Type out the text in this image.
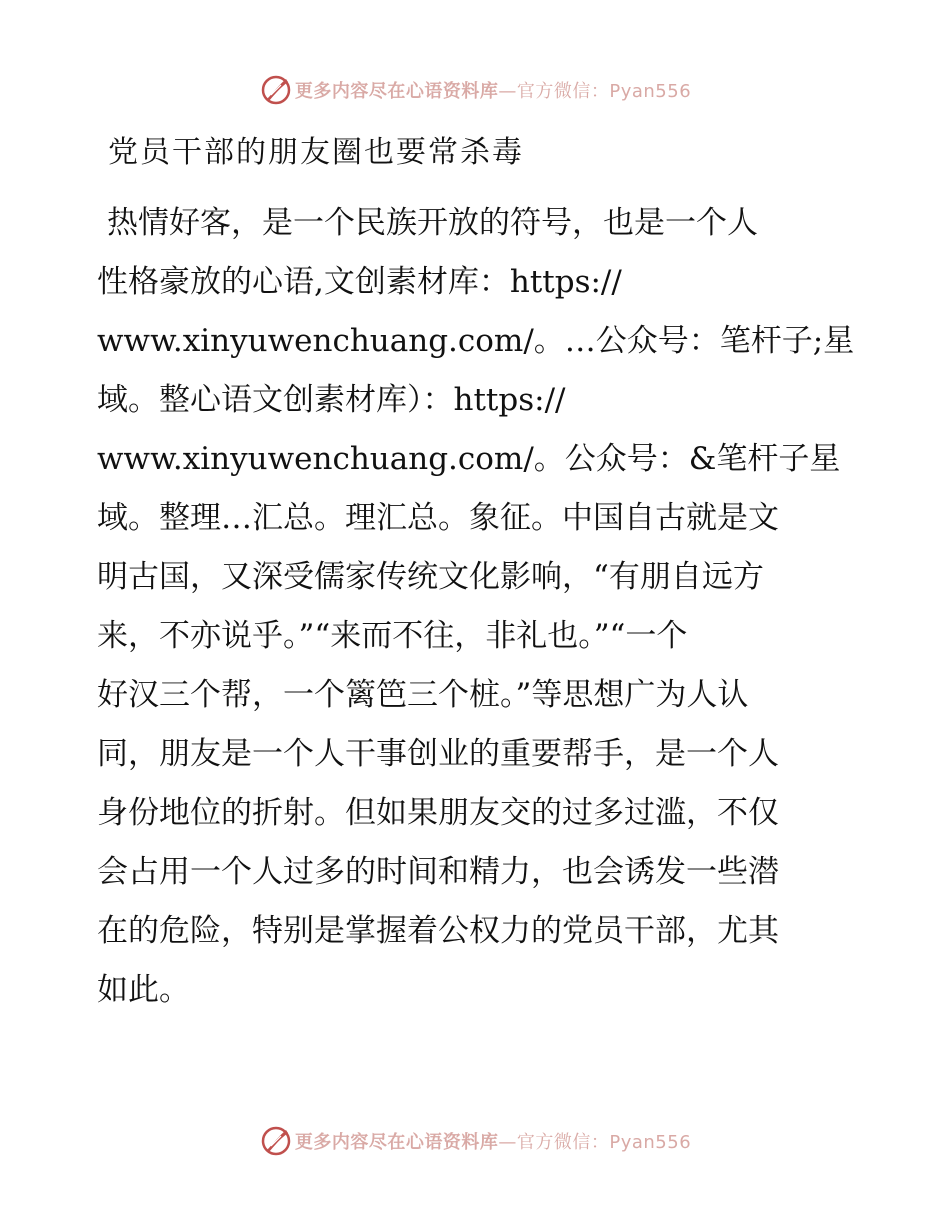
更多内容尽在心语资料库—官方微信：Pyan556
党员干部的朋友圈也要常杀毒
热情好客，是一个民族开放的符号，也是一个人
性格豪放的心语,文创素材库：https://
www.xinyuwenchuang.com/。…公众号：笔杆子;星
域。整心语文创素材库）：https://
www.xinyuwenchuang.com/。公众号：&笔杆子星
域。整理…汇总。理汇总。象征。中国自古就是文
明古国，又深受儒家传统文化影响，“有朋自远方
来，不亦说乎。”“来而不往，非礼也。”“一个
好汉三个帮，一个篱笆三个桩。”等思想广为人认
同，朋友是一个人干事创业的重要帮手，是一个人
身份地位的折射。但如果朋友交的过多过滥，不仅
会占用一个人过多的时间和精力，也会诱发一些潜
在的危险，特别是掌握着公权力的党员干部，尤其
如此。
更多内容尽在心语资料库—官方微信：Pyan556
